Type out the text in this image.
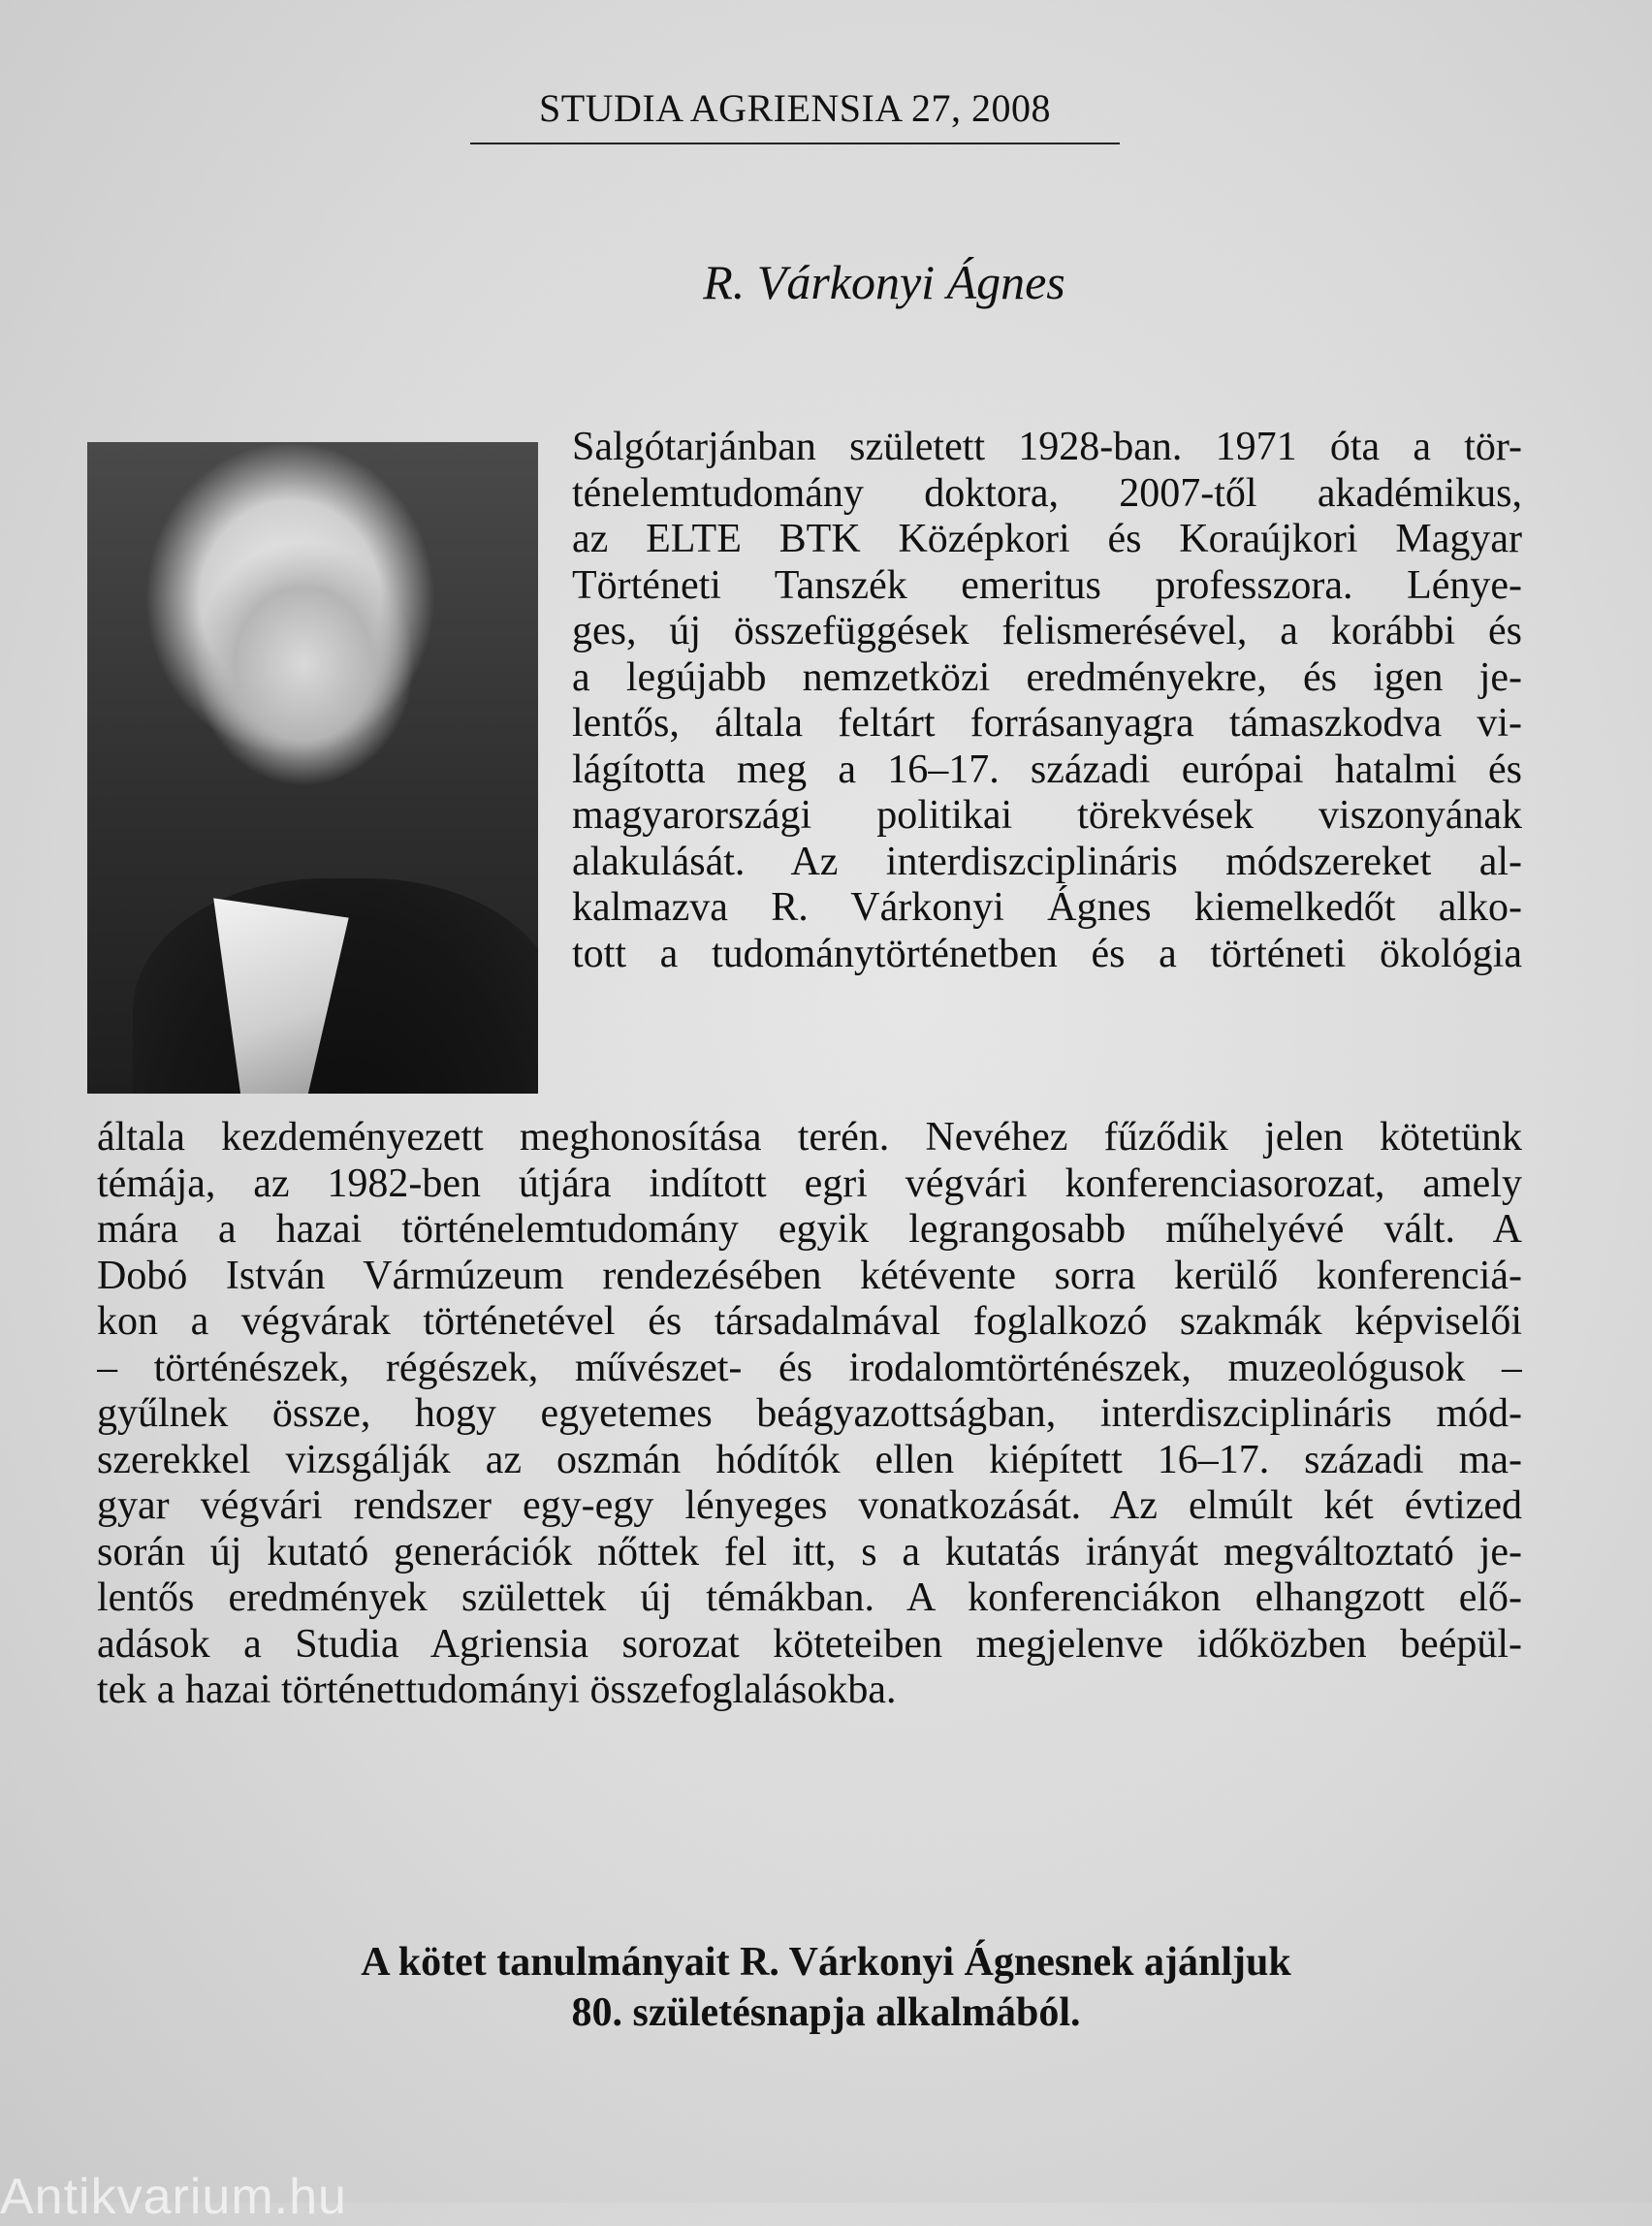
STUDIA AGRIENSIA 27, 2008
R. Várkonyi Ágnes
Salgótarjánban született 1928-ban. 1971 óta a tör-
ténelemtudomány doktora, 2007-től akadémikus,
az ELTE BTK Középkori és Koraújkori Magyar
Történeti Tanszék emeritus professzora. Lénye-
ges, új összefüggések felismerésével, a korábbi és
a legújabb nemzetközi eredményekre, és igen je-
lentős, általa feltárt forrásanyagra támaszkodva vi-
lágította meg a 16–17. századi európai hatalmi és
magyarországi politikai törekvések viszonyának
alakulását. Az interdiszciplináris módszereket al-
kalmazva R. Várkonyi Ágnes kiemelkedőt alko-
tott a tudománytörténetben és a történeti ökológia
általa kezdeményezett meghonosítása terén. Nevéhez fűződik jelen kötetünk
témája, az 1982-ben útjára indított egri végvári konferenciasorozat, amely
mára a hazai történelemtudomány egyik legrangosabb műhelyévé vált. A
Dobó István Vármúzeum rendezésében kétévente sorra kerülő konferenciá-
kon a végvárak történetével és társadalmával foglalkozó szakmák képviselői
– történészek, régészek, művészet- és irodalomtörténészek, muzeológusok –
gyűlnek össze, hogy egyetemes beágyazottságban, interdiszciplináris mód-
szerekkel vizsgálják az oszmán hódítók ellen kiépített 16–17. századi ma-
gyar végvári rendszer egy-egy lényeges vonatkozását. Az elmúlt két évtized
során új kutató generációk nőttek fel itt, s a kutatás irányát megváltoztató je-
lentős eredmények születtek új témákban. A konferenciákon elhangzott elő-
adások a Studia Agriensia sorozat köteteiben megjelenve időközben beépül-
tek a hazai történettudományi összefoglalásokba.
A kötet tanulmányait R. Várkonyi Ágnesnek ajánljuk
80. születésnapja alkalmából.
Antikvarium.hu
